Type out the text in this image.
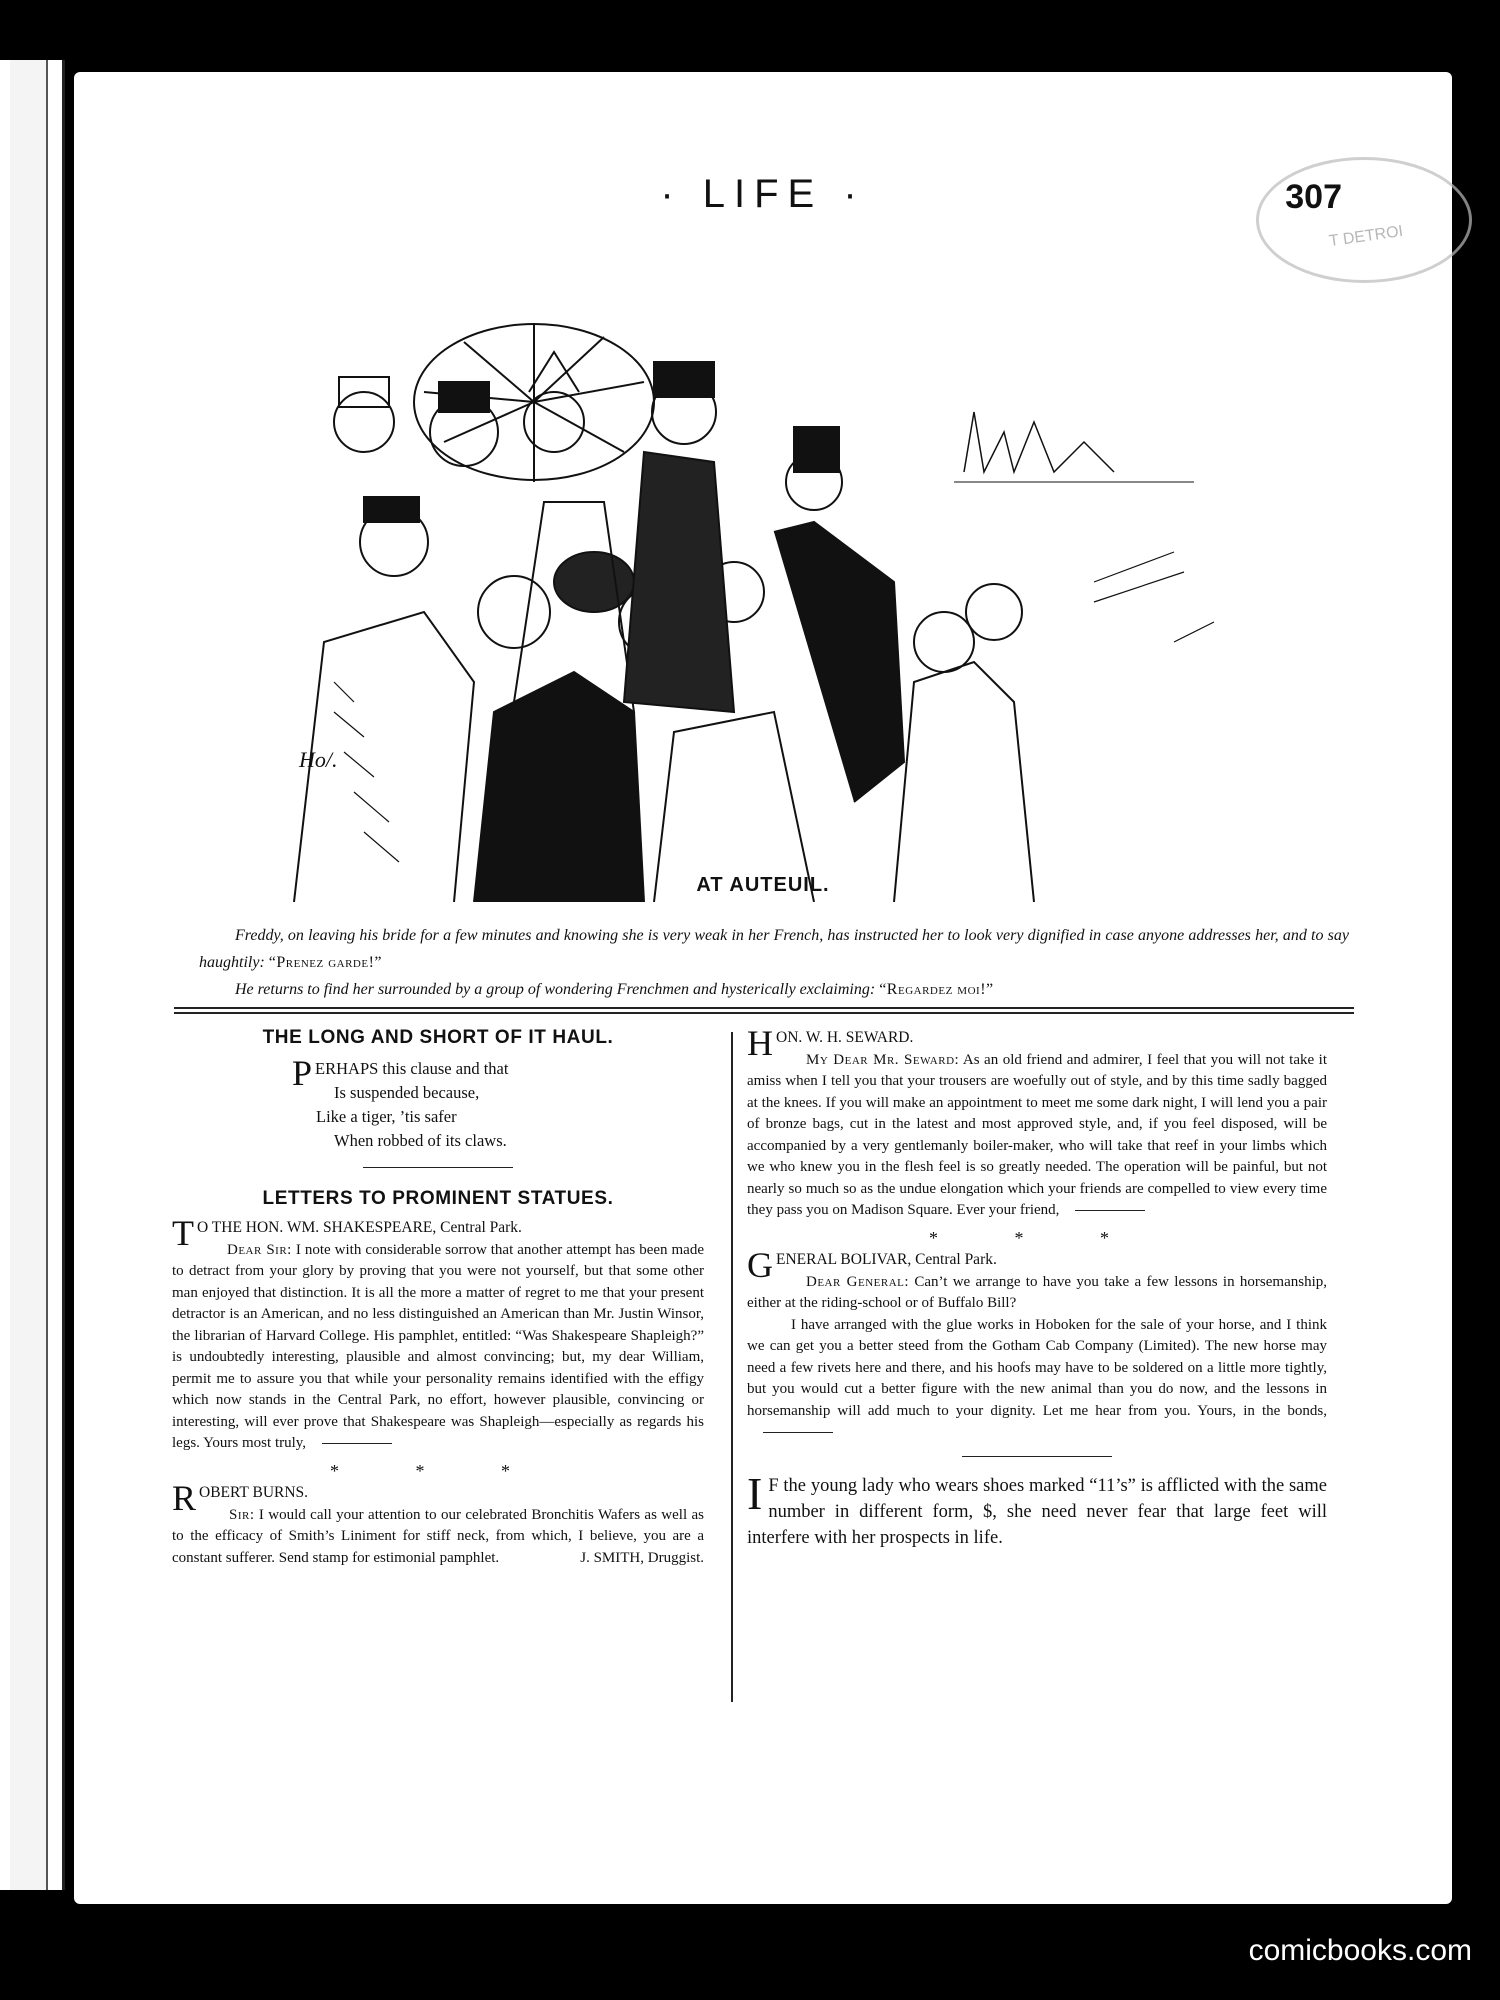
· LIFE ·	307
T DETROI
Ho/.
AT AUTEUIL.

Freddy, on leaving his bride for a few minutes and knowing she is very weak in her French, has instructed her to look very dignified in case anyone addresses her, and to say haughtily: “Prenez garde!”

He returns to find her surrounded by a group of wondering Frenchmen and hysterically exclaiming: “Regardez moi!”

THE LONG AND SHORT OF IT HAUL.
PERHAPS this clause and that
Is suspended because,
Like a tiger, ’tis safer
When robbed of its claws.
LETTERS TO PROMINENT STATUES.

T O THE HON. WM. SHAKESPEARE, Central Park.
Dear Sir: I note with considerable sorrow that another attempt has been made to detract from your glory by proving that you were not yourself, but that some other man enjoyed that distinction. It is all the more a matter of regret to me that your present detractor is an American, and no less distinguished an American than Mr. Justin Winsor, the librarian of Harvard College. His pamphlet, entitled: “Was Shakespeare Shapleigh?” is undoubtedly interesting, plausible and almost convincing; but, my dear William, permit me to assure you that while your personality remains identified with the effigy which now stands in the Central Park, no effort, however plausible, convincing or interesting, will ever prove that Shakespeare was Shapleigh—especially as regards his legs. Yours most truly,

* * *

ROBERT BURNS.
Sir: I would call your attention to our celebrated Bronchitis Wafers as well as to the efficacy of Smith’s Liniment for stiff neck, from which, I believe, you are a constant sufferer. Send stamp for estimonial pamphlet.	J. SMITH, Druggist.

HON. W. H. SEWARD.
My Dear Mr. Seward: As an old friend and admirer, I feel that you will not take it amiss when I tell you that your trousers are woefully out of style, and by this time sadly bagged at the knees. If you will make an appointment to meet me some dark night, I will lend you a pair of bronze bags, cut in the latest and most approved style, and, if you feel disposed, will be accompanied by a very gentlemanly boiler-maker, who will take that reef in your limbs which we who knew you in the flesh feel is so greatly needed. The operation will be painful, but not nearly so much so as the undue elongation which your friends are compelled to view every time they pass you on Madison Square. Ever your friend,

* * *

GENERAL BOLIVAR, Central Park.
Dear General: Can’t we arrange to have you take a few lessons in horsemanship, either at the riding-school or of Buffalo Bill?

I have arranged with the glue works in Hoboken for the sale of your horse, and I think we can get you a better steed from the Gotham Cab Company (Limited). The new horse may need a few rivets here and there, and his hoofs may have to be soldered on a little more tightly, but you would cut a better figure with the new animal than you do now, and the lessons in horsemanship will add much to your dignity. Let me hear from you. Yours, in the bonds,

I F the young lady who wears shoes marked “11’s” is afflicted with the same number in different form, $, she need never fear that large feet will interfere with her prospects in life.
comicbooks.com
